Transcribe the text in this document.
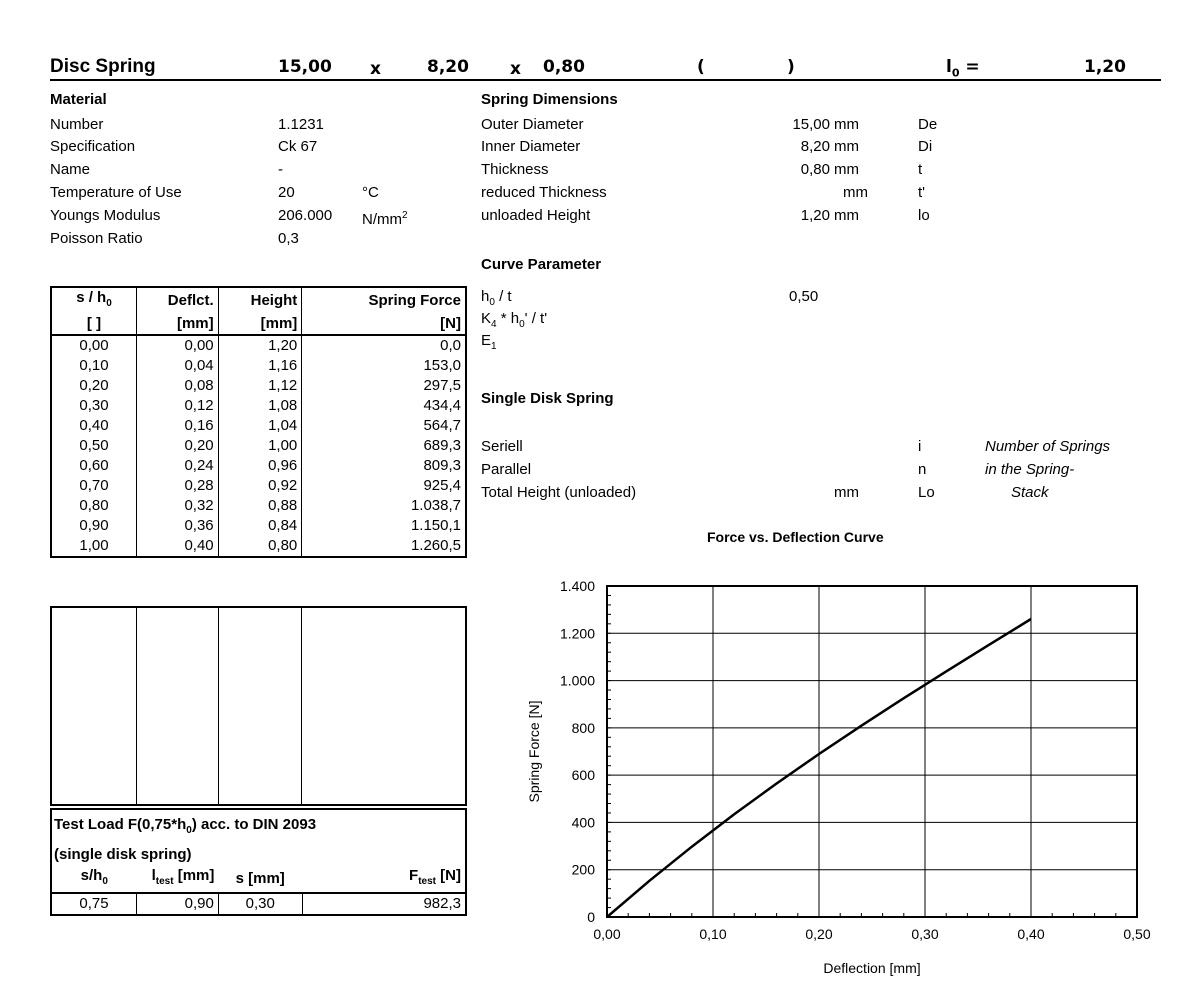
Disc Spring	15,00 x	8,20 x 0,80	(	)	$l_0$ =	1,20
Material
Number	1.1231
Specification	Ck 67
Name	-
Temperature of Use	20	°C
Youngs Modulus	206.000 $N/mm^2$
Poisson Ratio	0,3
Spring Dimensions
Outer Diameter	15,00 mm	De
Inner Diameter	8,20 mm	Di
Thickness	0,80 mm	t
reduced Thickness	mm	t'
unloaded Height	1,20 mm	lo
Curve Parameter
$h_0$ / t	0,50
$K_4 * h_0'$ / t'
$E_1$
Single Disk Spring
Seriell	i	Number of Springs
Parallel	n	in the Spring-
Total Height (unloaded)	mm	Lo	Stack
s / $h_0$	Deflct.	Height	Spring Force
[ ]	[mm]	[mm]	[N]
0,00	0,00	1,20	0,0
0,10	0,04	1,16	153,0
0,20	0,08	1,12	297,5
0,30	0,12	1,08	434,4
0,40	0,16	1,04	564,7
0,50	0,20	1,00	689,3
0,60	0,24	0,96	809,3
0,70	0,28	0,92	925,4
0,80	0,32	0,88	1.038,7
0,90	0,36	0,84	1.150,1
1,00	0,40	0,80	1.260,5

Test Load $F(0,75*h_0)$ acc. to DIN 2093
(single disk spring)
$s/h_0$	$l_{test}$ [mm]	s [mm]	$F_{test}$ [N]
0,75	0,90	0,30	982,3
Force vs. Deflection Curve
0,00	0,10	0,20	0,30	0,40	0,50
0
200
400
600
800
1.000
1.200
1.400
Deflection [mm]
Spring Force [N]
